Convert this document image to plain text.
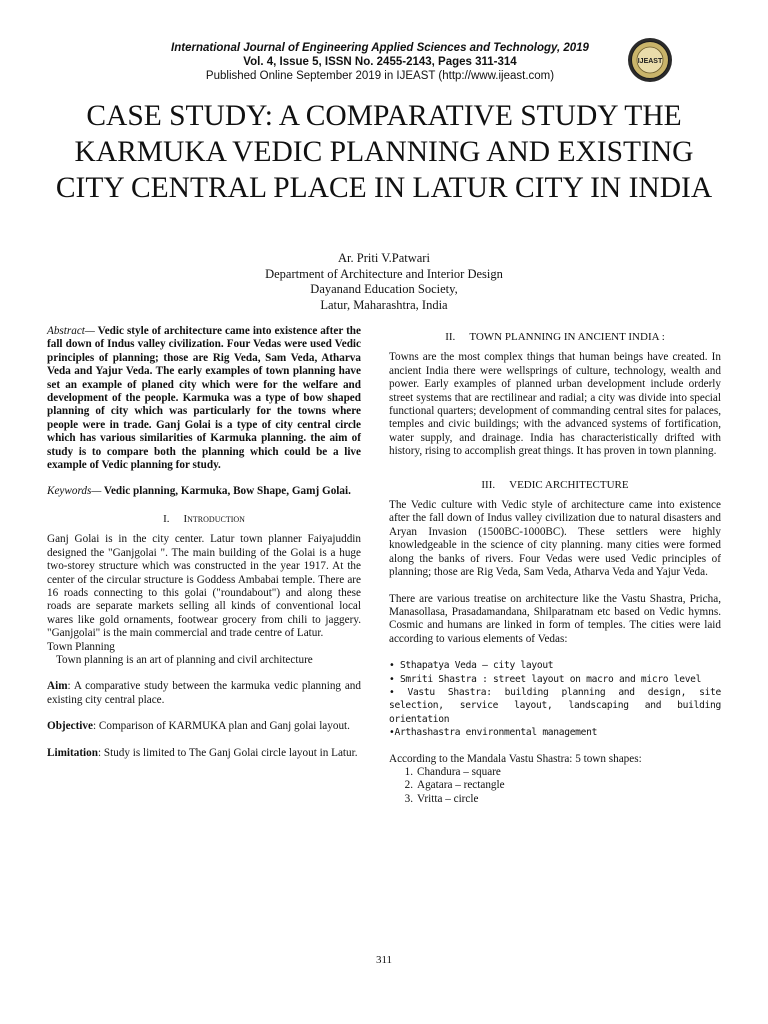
International Journal of Engineering Applied Sciences and Technology, 2019
Vol. 4, Issue 5, ISSN No. 2455-2143, Pages 311-314
Published Online September 2019 in IJEAST (http://www.ijeast.com)
IJEAST
CASE STUDY: A COMPARATIVE STUDY THE KARMUKA VEDIC PLANNING AND EXISTING CITY CENTRAL PLACE IN LATUR CITY IN INDIA
Ar. Priti V.Patwari
Department of Architecture and Interior Design
Dayanand Education Society,
Latur, Maharashtra, India

Abstract— Vedic style of architecture came into existence after the fall down of Indus valley civilization. Four Vedas were used Vedic principles of planning; those are Rig Veda, Sam Veda, Atharva Veda and Yajur Veda. The early examples of town planning have set an example of planed city which were for the welfare and development of the people. Karmuka was a type of bow shaped planning of city which was particularly for the towns where people were in trade. Ganj Golai is a type of city central circle which has various similarities of Karmuka planning. the aim of study is to compare both the planning which could be a live example of Vedic planning for study.

Keywords— Vedic planning, Karmuka, Bow Shape, Gamj Golai.

I. Introduction

Ganj Golai is in the city center. Latur town planner Faiyajuddin designed the "Ganjgolai ". The main building of the Golai is a huge two-storey structure which was constructed in the year 1917. At the center of the circular structure is Goddess Ambabai temple. There are 16 roads connecting to this golai ("roundabout") and along these roads are separate markets selling all kinds of conventional local wares like gold ornaments, footwear grocery from chili to jaggery. "Ganjgolai" is the main commercial and trade centre of Latur.

Town Planning

Town planning is an art of planning and civil architecture

Aim: A comparative study between the karmuka vedic planning and existing city central place.

Objective: Comparison of KARMUKA plan and Ganj golai layout.

Limitation: Study is limited to The Ganj Golai circle layout in Latur.

II. TOWN PLANNING IN ANCIENT INDIA :

Towns are the most complex things that human beings have created. In ancient India there were wellsprings of culture, technology, wealth and power. Early examples of planned urban development include orderly street systems that are rectilinear and radial; a city was divide into special functional quarters; development of commanding central sites for palaces, temples and civic buildings; with the advanced systems of fortification, water supply, and drainage. India has characteristically drifted with history, rising to accomplish great things. It has proven in town planning.

III. VEDIC ARCHITECTURE

The Vedic culture with Vedic style of architecture came into existence after the fall down of Indus valley civilization due to natural disasters and Aryan Invasion (1500BC-1000BC). These settlers were highly knowledgeable in the science of city planning. many cities were formed along the banks of rivers. Four Vedas were used Vedic principles of planning; those are Rig Veda, Sam Veda, Atharva Veda and Yajur Veda.

There are various treatise on architecture like the Vastu Shastra, Pricha, Manasollasa, Prasadamandana, Shilparatnam etc based on Vedic hymns. Cosmic and humans are linked in form of temples. The cities were laid according to various elements of Vedas:

• Sthapatya Veda – city layout

• Smriti Shastra : street layout on macro and micro level

• Vastu Shastra: building planning and design, site selection, service layout, landscaping and building orientation

•Arthashastra environmental management

According to the Mandala Vastu Shastra: 5 town shapes:

1. Chandura – square
2. Agatara – rectangle
3. Vritta – circle
311
